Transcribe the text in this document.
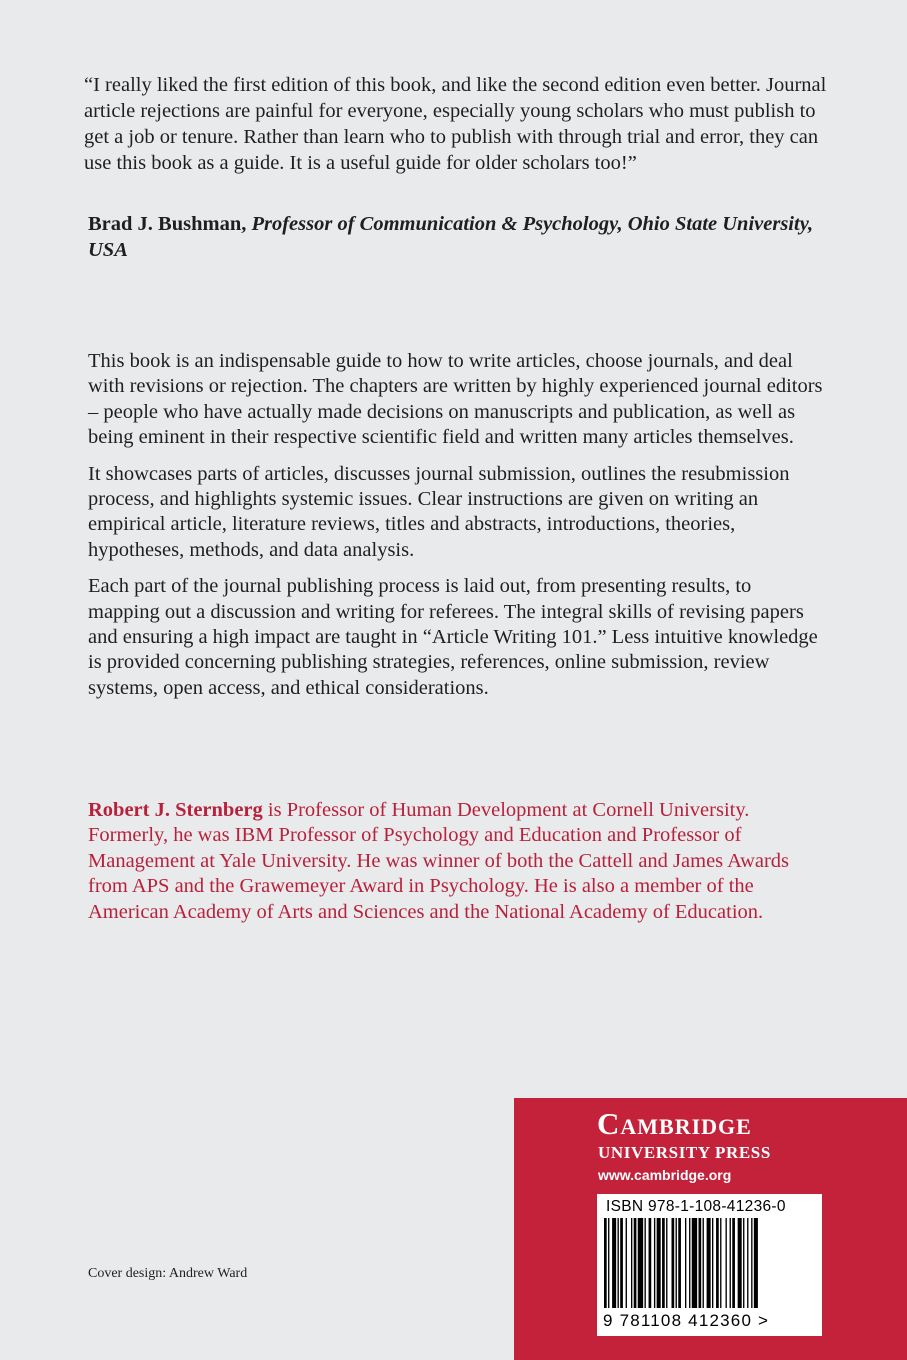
“I really liked the first edition of this book, and like the second edition even better. Journal article rejections are painful for everyone, especially young scholars who must publish to get a job or tenure. Rather than learn who to publish with through trial and error, they can use this book as a guide. It is a useful guide for older scholars too!”

Brad J. Bushman, Professor of Communication & Psychology, Ohio State University, USA

This book is an indispensable guide to how to write articles, choose journals, and deal with revisions or rejection. The chapters are written by highly experienced journal editors – people who have actually made decisions on manuscripts and publication, as well as being eminent in their respective scientific field and written many articles themselves.

It showcases parts of articles, discusses journal submission, outlines the resubmission process, and highlights systemic issues. Clear instructions are given on writing an empirical article, literature reviews, titles and abstracts, introductions, theories, hypotheses, methods, and data analysis.

Each part of the journal publishing process is laid out, from presenting results, to mapping out a discussion and writing for referees. The integral skills of revising papers and ensuring a high impact are taught in “Article Writing 101.” Less intuitive knowledge is provided concerning publishing strategies, references, online submission, review systems, open access, and ethical considerations.

Robert J. Sternberg is Professor of Human Development at Cornell University. Formerly, he was IBM Professor of Psychology and Education and Professor of Management at Yale University. He was winner of both the Cattell and James Awards from APS and the Grawemeyer Award in Psychology. He is also a member of the American Academy of Arts and Sciences and the National Academy of Education.

Cover design: Andrew Ward
Cambridge
UNIVERSITY PRESS
www.cambridge.org
ISBN 978-1-108-41236-0
9 781108 412360 >
